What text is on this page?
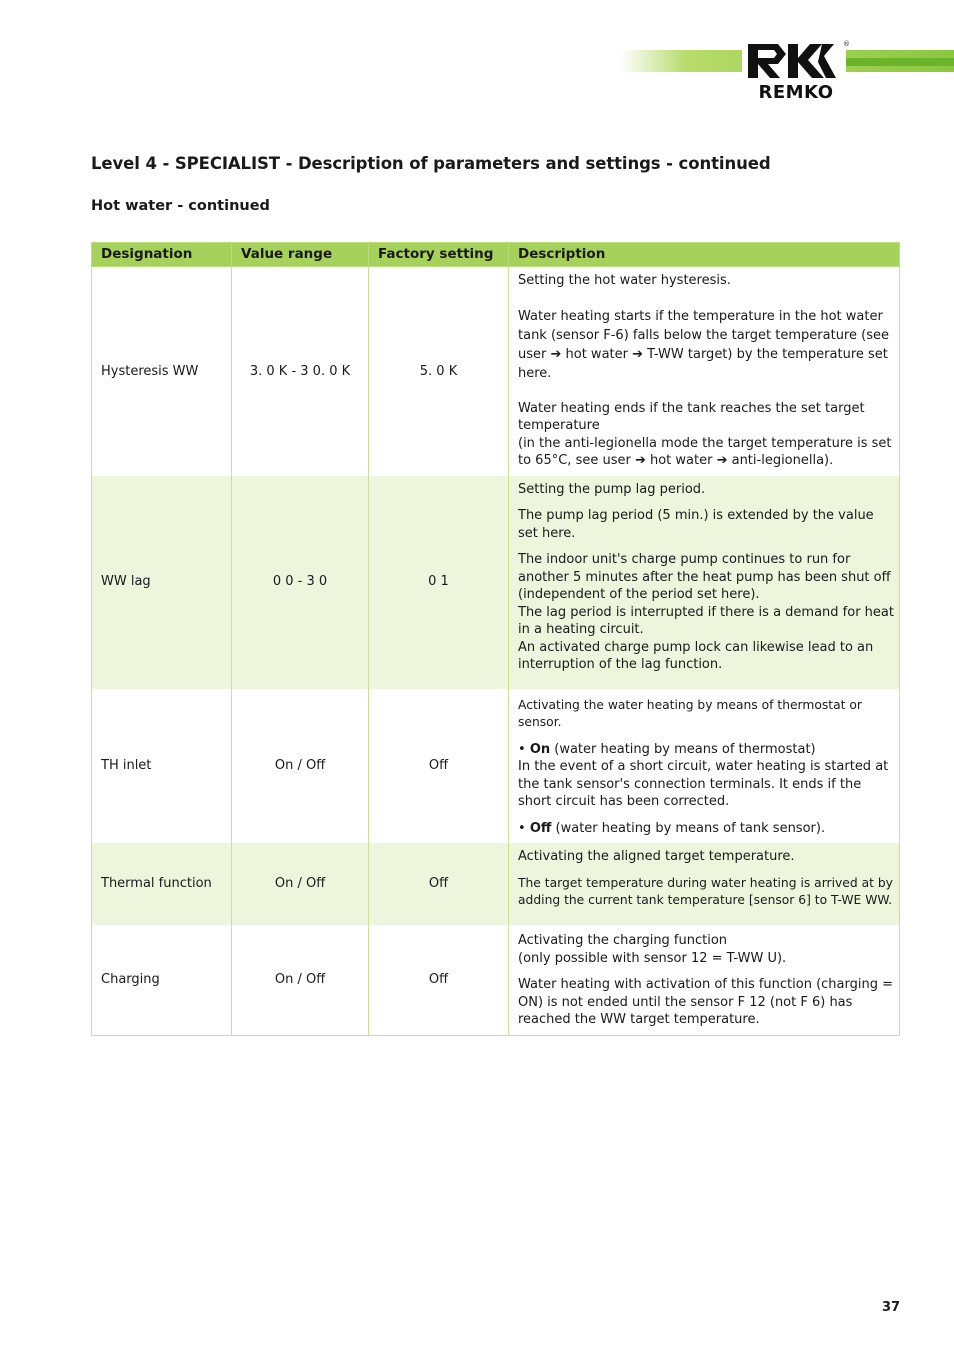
®
REMKO
Level 4 - SPECIALIST - Description of parameters and settings - continued
Hot water - continued
Designation	Value range	Factory setting	Description
Hysteresis WW	3. 0 K - 3 0. 0 K	5. 0 K	Setting the hot water hysteresis.

Water heating starts if the temperature in the hot water tank (sensor F-6) falls below the target temperature (see user ➔ hot water ➔ T-WW target) by the temperature set here.

Water heating ends if the tank reaches the set target temperature
(in the anti-legionella mode the target temperature is set to 65°C, see user ➔ hot water ➔ anti-legionella).

WW lag	0 0 - 3 0	0 1	Setting the pump lag period.

The pump lag period (5 min.) is extended by the value set here.

The indoor unit's charge pump continues to run for another 5 minutes after the heat pump has been shut off (independent of the period set here).
The lag period is interrupted if there is a demand for heat in a heating circuit.
An activated charge pump lock can likewise lead to an interruption of the lag function.

TH inlet	On / Off	Off	Activating the water heating by means of thermostat or sensor.

• On (water heating by means of thermostat)
In the event of a short circuit, water heating is started at the tank sensor's connection terminals. It ends if the short circuit has been corrected.

• Off (water heating by means of tank sensor).

Thermal function	On / Off	Off	Activating the aligned target temperature.

The target temperature during water heating is arrived at by adding the current tank temperature [sensor 6] to T-WE WW.

Charging	On / Off	Off	Activating the charging function
(only possible with sensor 12 = T-WW U).

Water heating with activation of this function (charging = ON) is not ended until the sensor F 12 (not F 6) has reached the WW target temperature.

37
